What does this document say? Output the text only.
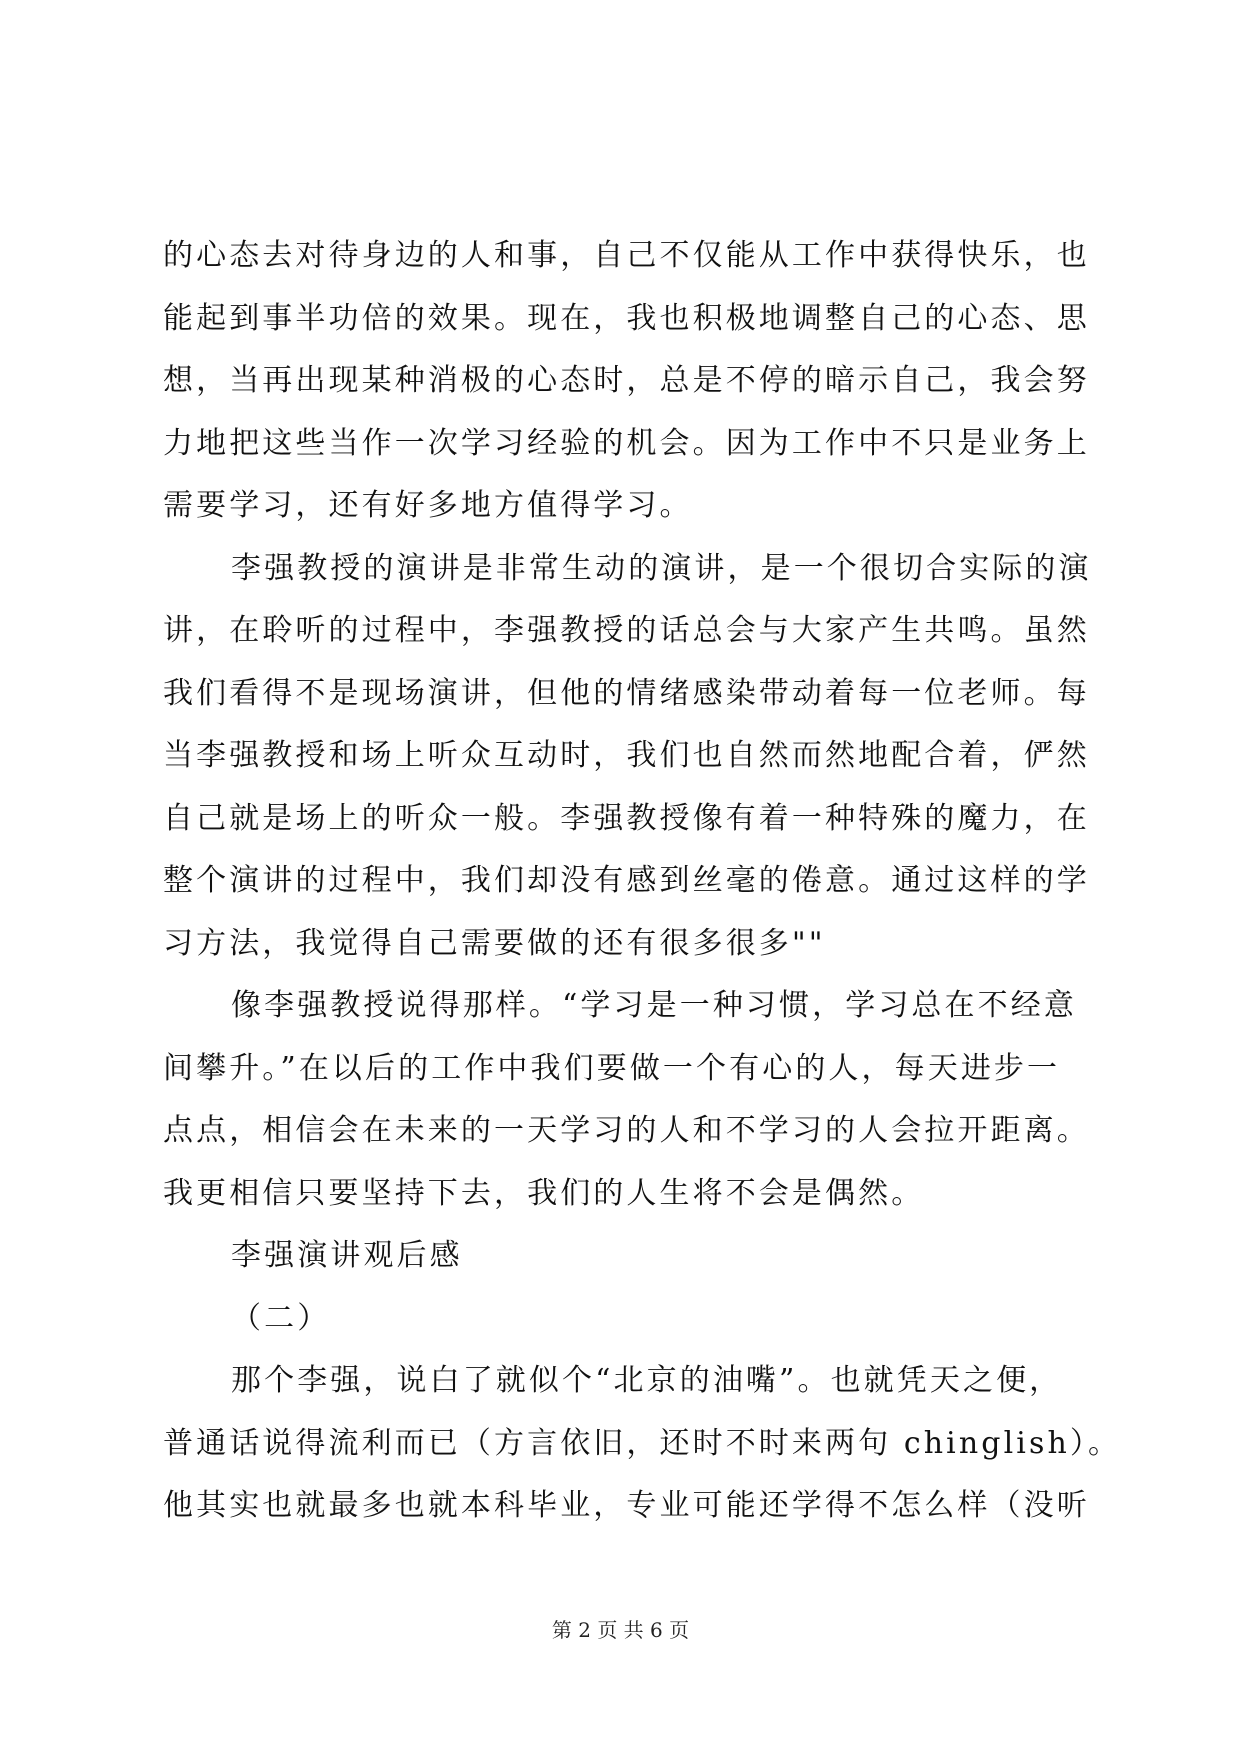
的心态去对待身边的人和事，自己不仅能从工作中获得快乐，也
能起到事半功倍的效果。现在，我也积极地调整自己的心态、思
想，当再出现某种消极的心态时，总是不停的暗示自己，我会努
力地把这些当作一次学习经验的机会。因为工作中不只是业务上
需要学习，还有好多地方值得学习。
李强教授的演讲是非常生动的演讲，是一个很切合实际的演
讲，在聆听的过程中，李强教授的话总会与大家产生共鸣。虽然
我们看得不是现场演讲，但他的情绪感染带动着每一位老师。每
当李强教授和场上听众互动时，我们也自然而然地配合着，俨然
自己就是场上的听众一般。李强教授像有着一种特殊的魔力，在
整个演讲的过程中，我们却没有感到丝毫的倦意。通过这样的学
习方法，我觉得自己需要做的还有很多很多""
像李强教授说得那样。“学习是一种习惯，学习总在不经意
间攀升。”在以后的工作中我们要做一个有心的人，每天进步一
点点，相信会在未来的一天学习的人和不学习的人会拉开距离。
我更相信只要坚持下去，我们的人生将不会是偶然。
李强演讲观后感
（二）
那个李强，说白了就似个“北京的油嘴”。也就凭天之便，
普通话说得流利而已（方言依旧，还时不时来两句 chinglish）。
他其实也就最多也就本科毕业，专业可能还学得不怎么样（没听
第 2 页 共 6 页
